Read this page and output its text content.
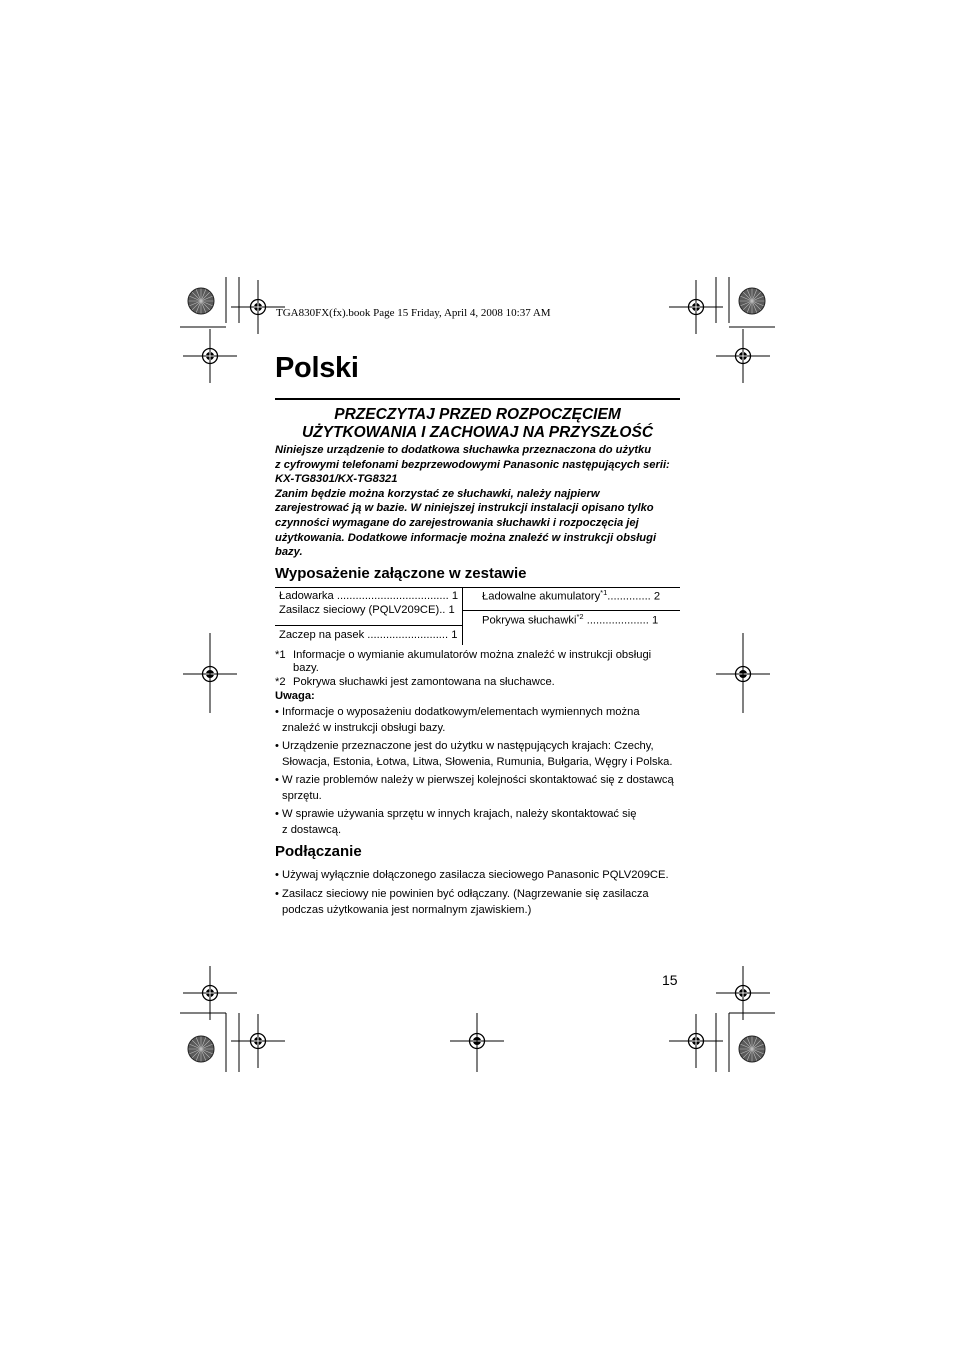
TGA830FX(fx).book Page 15 Friday, April 4, 2008 10:37 AM
Polski
PRZECZYTAJ PRZED ROZPOCZĘCIEM
UŻYTKOWANIA I ZACHOWAJ NA PRZYSZŁOŚĆ
Niniejsze urządzenie to dodatkowa słuchawka przeznaczona do użytku
z cyfrowymi telefonami bezprzewodowymi Panasonic następujących serii:
KX-TG8301/KX-TG8321
Zanim będzie można korzystać ze słuchawki, należy najpierw
zarejestrować ją w bazie. W niniejszej instrukcji instalacji opisano tylko
czynności wymagane do zarejestrowania słuchawki i rozpoczęcia jej
użytkowania. Dodatkowe informacje można znaleźć w instrukcji obsługi
bazy.
Wyposażenie załączone w zestawie
Ładowarka .................................... 1
Zasilacz sieciowy (PQLV209CE).. 1
Zaczep na pasek .......................... 1
Ładowalne akumulatory$^{*1}$.............. 2
Pokrywa słuchawki$^{*2}$ .................... 1
*1 Informacje o wymianie akumulatorów można znaleźć w instrukcji obsługi
bazy.
*2 Pokrywa słuchawki jest zamontowana na słuchawce.
Uwaga:
• Informacje o wyposażeniu dodatkowym/elementach wymiennych można
znaleźć w instrukcji obsługi bazy.
• Urządzenie przeznaczone jest do użytku w następujących krajach: Czechy,
Słowacja, Estonia, Łotwa, Litwa, Słowenia, Rumunia, Bułgaria, Węgry i Polska.
• W razie problemów należy w pierwszej kolejności skontaktować się z dostawcą
sprzętu.
• W sprawie używania sprzętu w innych krajach, należy skontaktować się
z dostawcą.
Podłączanie
• Używaj wyłącznie dołączonego zasilacza sieciowego Panasonic PQLV209CE.
• Zasilacz sieciowy nie powinien być odłączany. (Nagrzewanie się zasilacza
podczas użytkowania jest normalnym zjawiskiem.)
15
